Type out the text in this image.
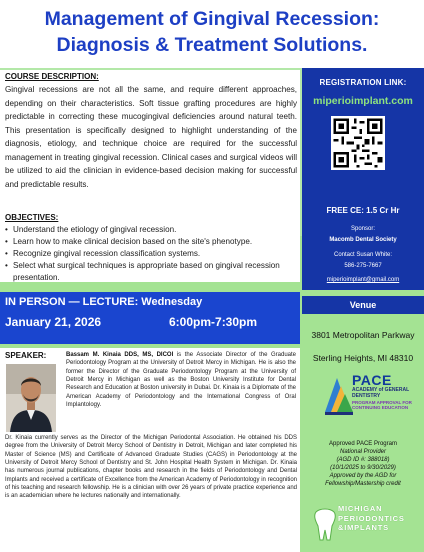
Management of Gingival Recession:
Diagnosis & Treatment Solutions.
COURSE DESCRIPTION:
Gingival recessions are not all the same, and require different approaches, depending on their characteristics. Soft tissue grafting procedures are highly predictable in correcting these mucogingival deficiencies around natural teeth. This presentation is specifically designed to highlight understanding of the diagnosis, etiology, and technique choice are required for the successful management in treating gingival recession. Clinical cases and surgical videos will be utilized to aid the clinician in evidence-based decision making for successful and predictable results.
OBJECTIVES:
• Understand the etiology of gingival recession.
• Learn how to make clinical decision based on the site's phenotype.
• Recognize gingival recession classification systems.
• Select what surgical techniques is appropriate based on gingival recession presentation.
REGISTRATION LINK:
miperioimplant.com
FREE CE: 1.5 Cr Hr
Sponsor:
Macomb Dental Society
Contact Susan White:
586-275-7667
miperioimplant@gmail.com
IN PERSON — LECTURE: Wednesday
January 21, 2026	6:00pm-7:30pm
Venue
3801 Metropolitan Parkway
Sterling Heights, MI 48310
PACE
ACADEMY of GENERAL DENTISTRY
PROGRAM APPROVAL FOR CONTINUING EDUCATION
Approved PACE Program
National Provider
(AGD ID #: 388018)
(10/1/2025 to 9/30/2029)
Approved by the AGD for
Fellowship/Mastership credit
MICHIGAN
PERIODONTICS
&IMPLANTS
SPEAKER:	Bassam M. Kinaia DDS, MS, DICOI is the Associate Director of the Graduate Periodontology Program at the University of Detroit Mercy in Michigan. He is also the former the Director of the Graduate Periodontology Program at the University of Detroit Mercy in Michigan as well as the Boston University Institute for Dental Research and Education at Boston university in Dubai. Dr. Kinaia is a Diplomate of the American Academy of Periodontology and the International Congress of Oral Implantology.
Dr. Kinaia currently serves as the Director of the Michigan Periodontal Association. He obtained his DDS degree from the University of Detroit Mercy School of Dentistry in Detroit, Michigan and later completed his Master of Science (MS) and Certificate of Advanced Graduate Studies (CAGS) in Periodontology at the University of Detroit Mercy School of Dentistry and St. John Hospital Health System in Michigan. Dr. Kinaia has numerous journal publications, chapter books and research in the fields of Periodontology and Dental Implants and received a certificate of Excellence from the American Academy of Periodontology in recognition of his teaching and research fellowship. He is a clinician with over 26 years of private practice experience and is an academician where he lectures nationally and internationally.
